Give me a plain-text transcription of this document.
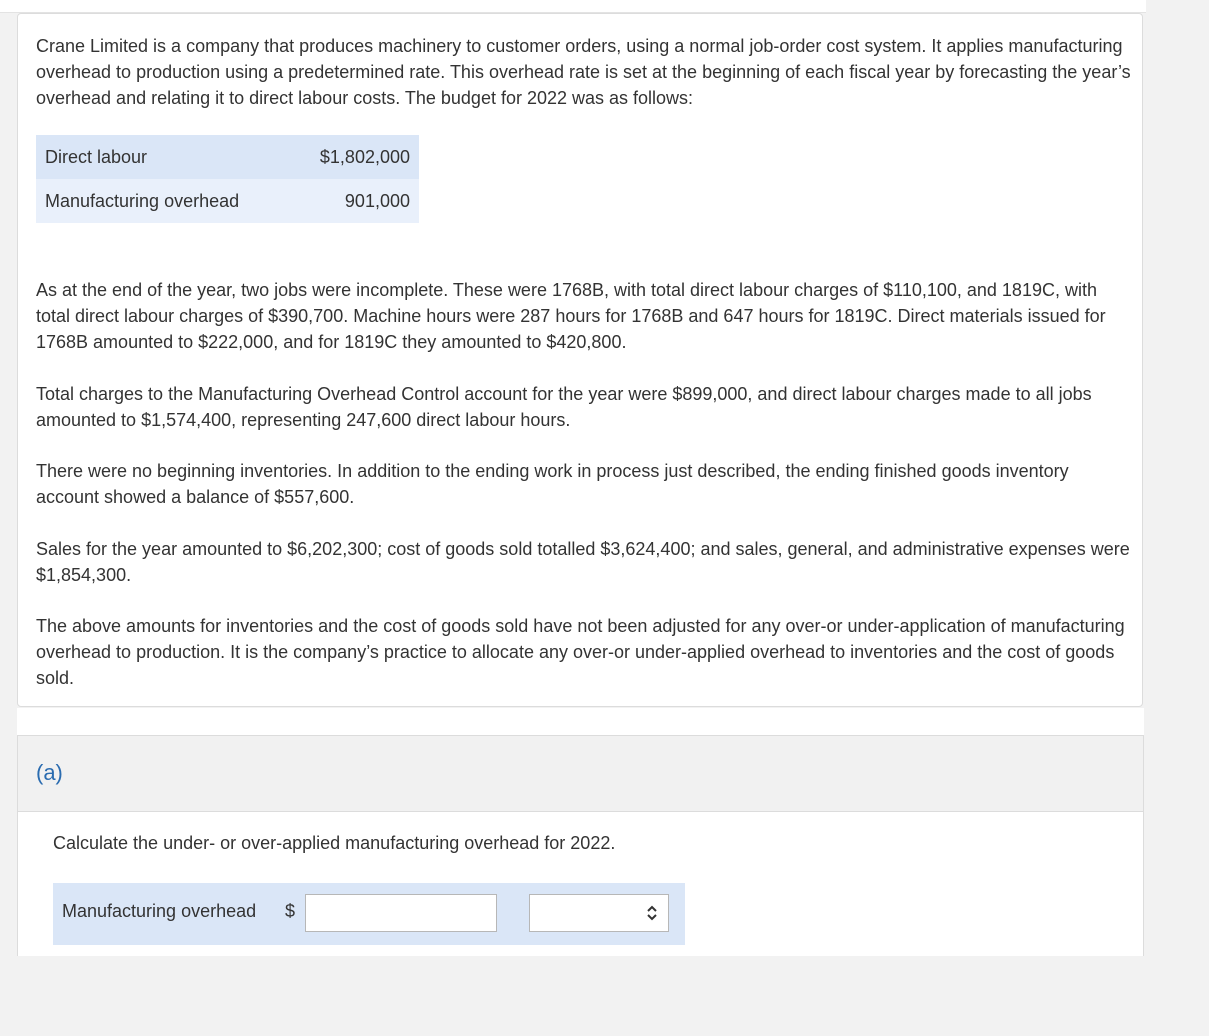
Crane Limited is a company that produces machinery to customer orders, using a normal job-order cost system. It applies manufacturing overhead to production using a predetermined rate. This overhead rate is set at the beginning of each fiscal year by forecasting the year’s overhead and relating it to direct labour costs. The budget for 2022 was as follows:

Direct labour	$1,802,000
Manufacturing overhead	901,000

As at the end of the year, two jobs were incomplete. These were 1768B, with total direct labour charges of $110,100, and 1819C, with total direct labour charges of $390,700. Machine hours were 287 hours for 1768B and 647 hours for 1819C. Direct materials issued for 1768B amounted to $222,000, and for 1819C they amounted to $420,800.

Total charges to the Manufacturing Overhead Control account for the year were $899,000, and direct labour charges made to all jobs amounted to $1,574,400, representing 247,600 direct labour hours.

There were no beginning inventories. In addition to the ending work in process just described, the ending finished goods inventory account showed a balance of $557,600.

Sales for the year amounted to $6,202,300; cost of goods sold totalled $3,624,400; and sales, general, and administrative expenses were $1,854,300.

The above amounts for inventories and the cost of goods sold have not been adjusted for any over-or under-application of manufacturing overhead to production. It is the company’s practice to allocate any over-or under-applied overhead to inventories and the cost of goods sold.

(a)

Calculate the under- or over-applied manufacturing overhead for 2022.

Manufacturing overhead $
